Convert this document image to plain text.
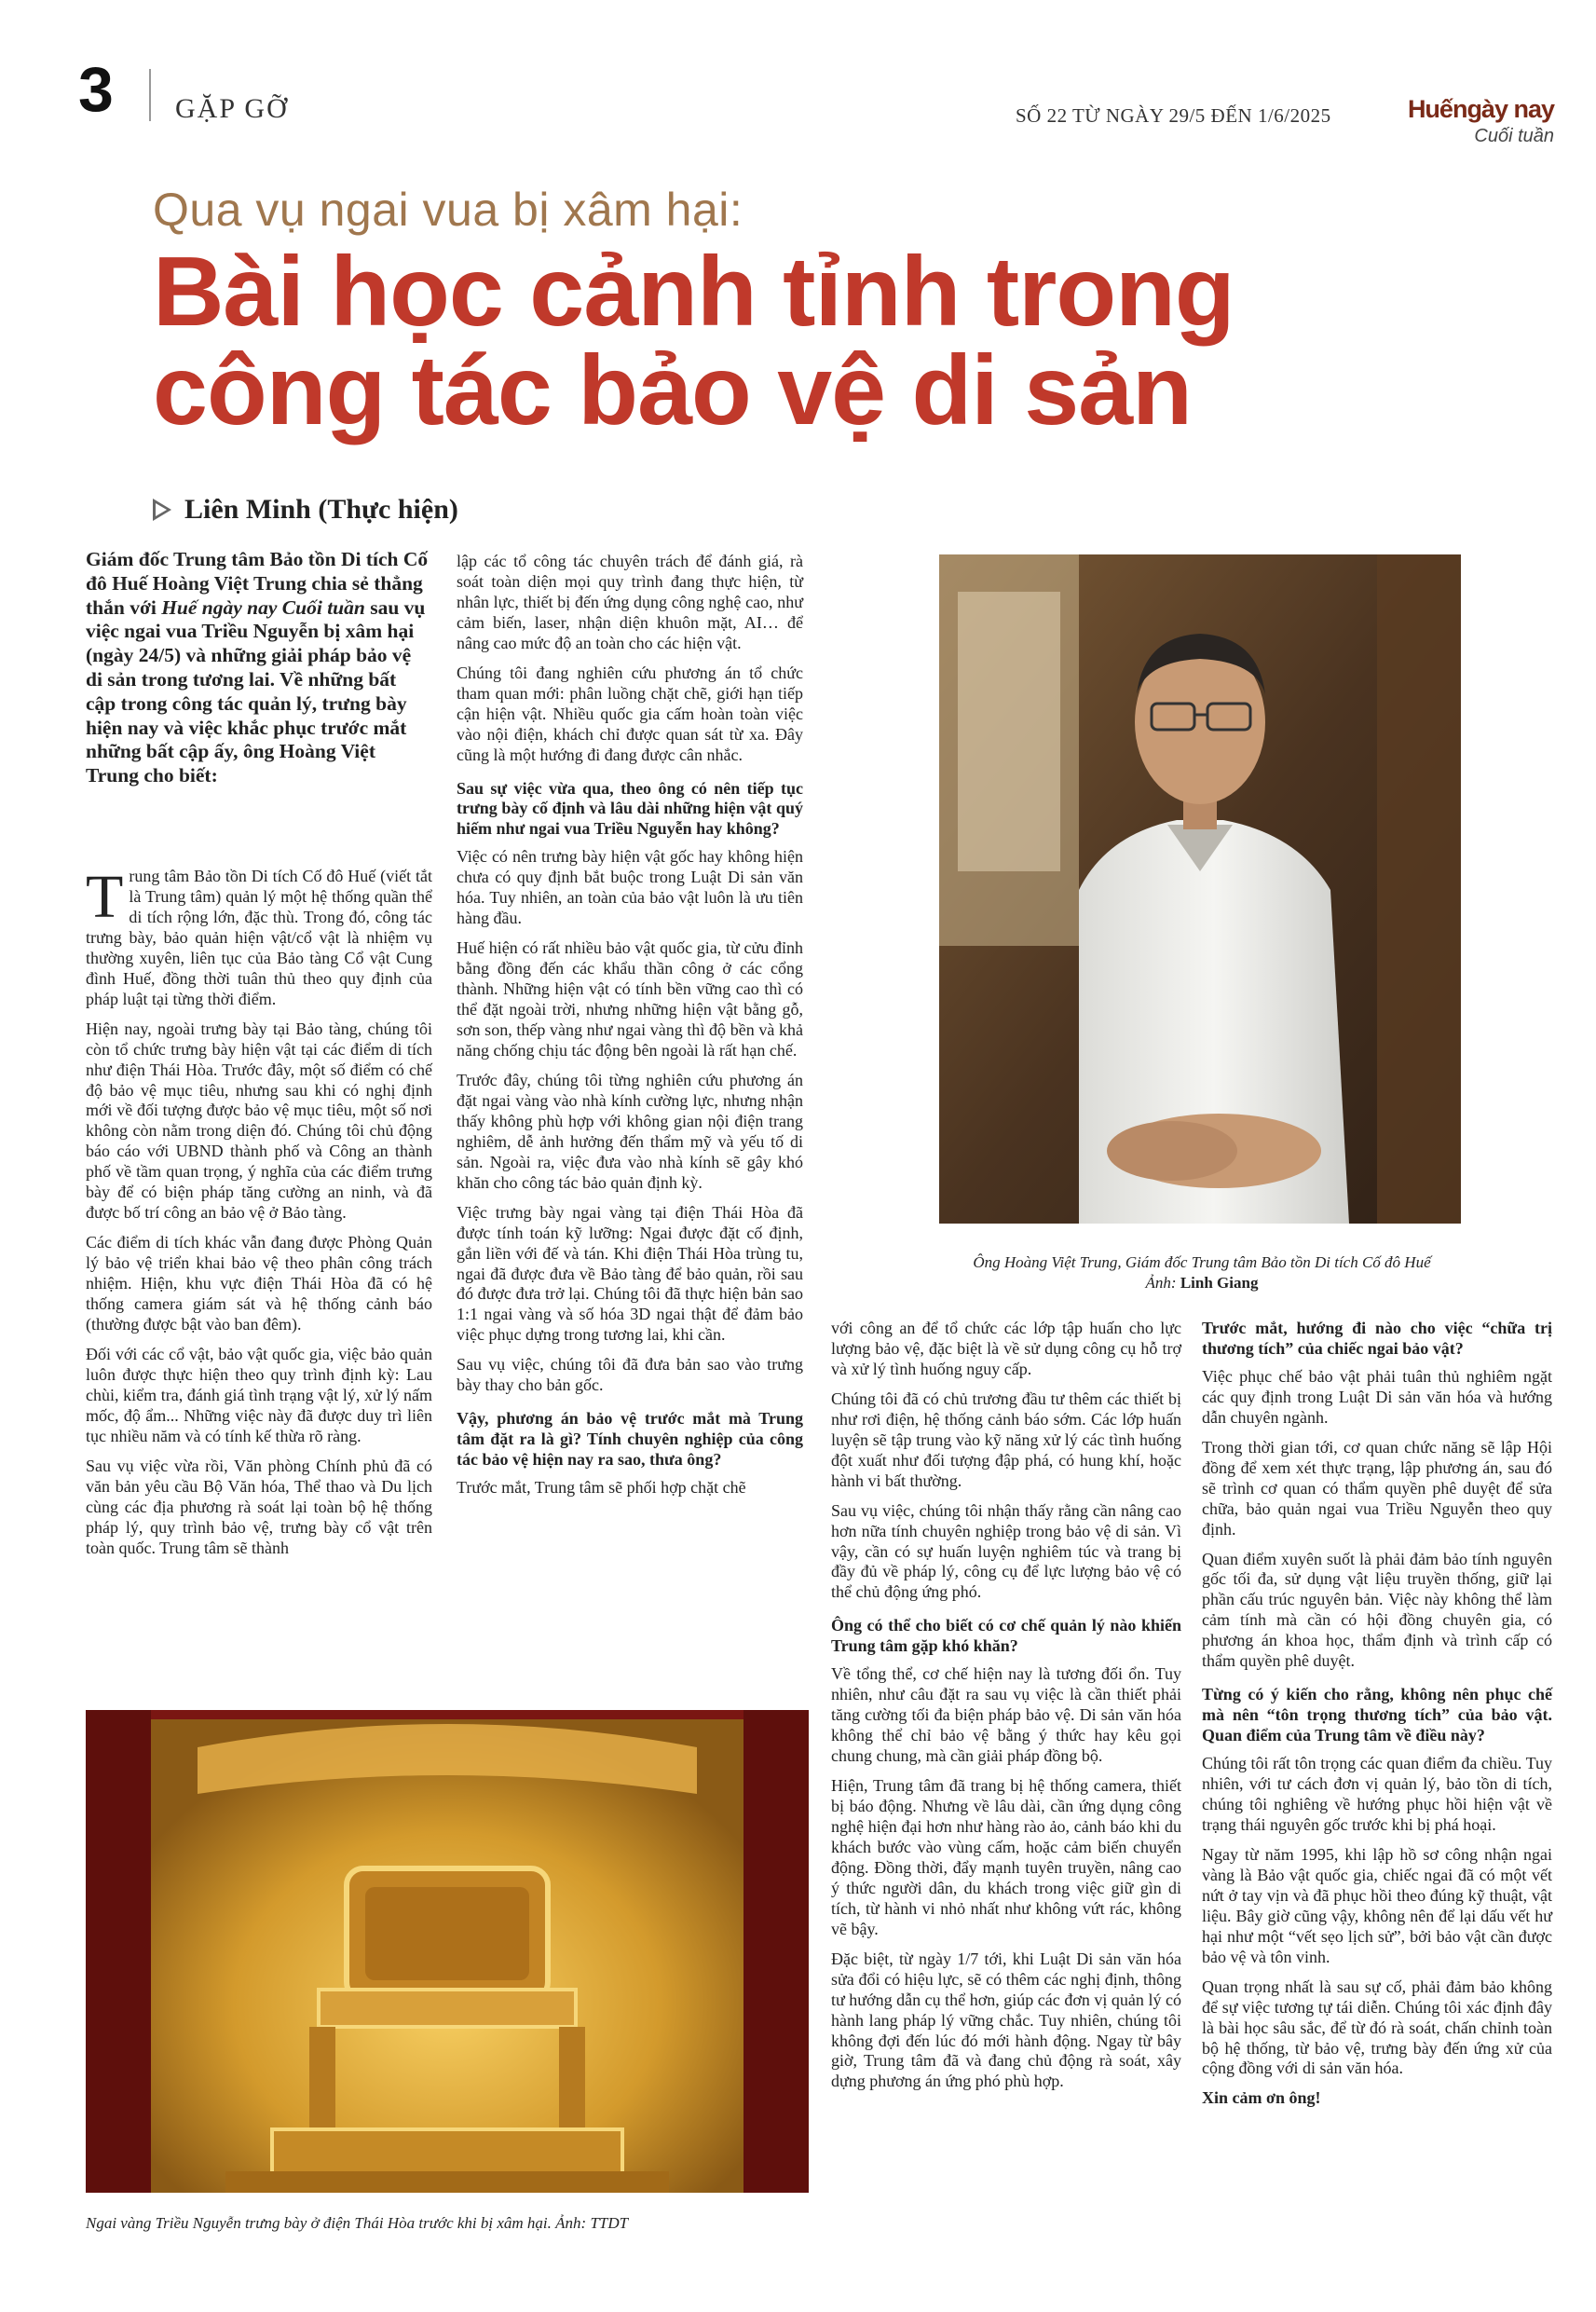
3 GẶP GỠ	SỐ 22 TỪ NGÀY 29/5 ĐẾN 1/6/2025	Huếngày nay
Cuối tuần
Qua vụ ngai vua bị xâm hại:
Bài học cảnh tỉnh trong
công tác bảo vệ di sản
Liên Minh (Thực hiện)
Giám đốc Trung tâm Bảo tồn Di tích Cố đô Huế Hoàng Việt Trung chia sẻ thẳng thắn với Huế ngày nay Cuối tuần sau vụ việc ngai vua Triều Nguyễn bị xâm hại (ngày 24/5) và những giải pháp bảo vệ di sản trong tương lai. Về những bất cập trong công tác quản lý, trưng bày hiện nay và việc khắc phục trước mắt những bất cập ấy, ông Hoàng Việt Trung cho biết:

Trung tâm Bảo tồn Di tích Cố đô Huế (viết tắt là Trung tâm) quản lý một hệ thống quần thể di tích rộng lớn, đặc thù. Trong đó, công tác trưng bày, bảo quản hiện vật/cổ vật là nhiệm vụ thường xuyên, liên tục của Bảo tàng Cổ vật Cung đình Huế, đồng thời tuân thủ theo quy định của pháp luật tại từng thời điểm.

Hiện nay, ngoài trưng bày tại Bảo tàng, chúng tôi còn tổ chức trưng bày hiện vật tại các điểm di tích như điện Thái Hòa. Trước đây, một số điểm có chế độ bảo vệ mục tiêu, nhưng sau khi có nghị định mới về đối tượng được bảo vệ mục tiêu, một số nơi không còn nằm trong diện đó. Chúng tôi chủ động báo cáo với UBND thành phố và Công an thành phố về tầm quan trọng, ý nghĩa của các điểm trưng bày để có biện pháp tăng cường an ninh, và đã được bố trí công an bảo vệ ở Bảo tàng.

Các điểm di tích khác vẫn đang được Phòng Quản lý bảo vệ triển khai bảo vệ theo phân công trách nhiệm. Hiện, khu vực điện Thái Hòa đã có hệ thống camera giám sát và hệ thống cảnh báo (thường được bật vào ban đêm).

Đối với các cổ vật, bảo vật quốc gia, việc bảo quản luôn được thực hiện theo quy trình định kỳ: Lau chùi, kiểm tra, đánh giá tình trạng vật lý, xử lý nấm mốc, độ ẩm... Những việc này đã được duy trì liên tục nhiều năm và có tính kế thừa rõ ràng.

Sau vụ việc vừa rồi, Văn phòng Chính phủ đã có văn bản yêu cầu Bộ Văn hóa, Thể thao và Du lịch cùng các địa phương rà soát lại toàn bộ hệ thống pháp lý, quy trình bảo vệ, trưng bày cổ vật trên toàn quốc. Trung tâm sẽ thành

lập các tổ công tác chuyên trách để đánh giá, rà soát toàn diện mọi quy trình đang thực hiện, từ nhân lực, thiết bị đến ứng dụng công nghệ cao, như cảm biến, laser, nhận diện khuôn mặt, AI… để nâng cao mức độ an toàn cho các hiện vật.

Chúng tôi đang nghiên cứu phương án tổ chức tham quan mới: phân luồng chặt chẽ, giới hạn tiếp cận hiện vật. Nhiều quốc gia cấm hoàn toàn việc vào nội điện, khách chỉ được quan sát từ xa. Đây cũng là một hướng đi đang được cân nhắc.

Sau sự việc vừa qua, theo ông có nên tiếp tục trưng bày cố định và lâu dài những hiện vật quý hiếm như ngai vua Triều Nguyễn hay không?

Việc có nên trưng bày hiện vật gốc hay không hiện chưa có quy định bắt buộc trong Luật Di sản văn hóa. Tuy nhiên, an toàn của bảo vật luôn là ưu tiên hàng đầu.

Huế hiện có rất nhiều bảo vật quốc gia, từ cửu đỉnh bằng đồng đến các khẩu thần công ở các cổng thành. Những hiện vật có tính bền vững cao thì có thể đặt ngoài trời, nhưng những hiện vật bằng gỗ, sơn son, thếp vàng như ngai vàng thì độ bền và khả năng chống chịu tác động bên ngoài là rất hạn chế.

Trước đây, chúng tôi từng nghiên cứu phương án đặt ngai vàng vào nhà kính cường lực, nhưng nhận thấy không phù hợp với không gian nội điện trang nghiêm, dễ ảnh hưởng đến thẩm mỹ và yếu tố di sản. Ngoài ra, việc đưa vào nhà kính sẽ gây khó khăn cho công tác bảo quản định kỳ.

Việc trưng bày ngai vàng tại điện Thái Hòa đã được tính toán kỹ lưỡng: Ngai được đặt cố định, gắn liền với đế và tán. Khi điện Thái Hòa trùng tu, ngai đã được đưa về Bảo tàng để bảo quản, rồi sau đó được đưa trở lại. Chúng tôi đã thực hiện bản sao 1:1 ngai vàng và số hóa 3D ngai thật để đảm bảo việc phục dựng trong tương lai, khi cần.

Sau vụ việc, chúng tôi đã đưa bản sao vào trưng bày thay cho bản gốc.

Vậy, phương án bảo vệ trước mắt mà Trung tâm đặt ra là gì? Tính chuyên nghiệp của công tác bảo vệ hiện nay ra sao, thưa ông?

Trước mắt, Trung tâm sẽ phối hợp chặt chẽ

Ông Hoàng Việt Trung, Giám đốc Trung tâm Bảo tồn Di tích Cố đô Huế
Ảnh: Linh Giang

với công an để tổ chức các lớp tập huấn cho lực lượng bảo vệ, đặc biệt là về sử dụng công cụ hỗ trợ và xử lý tình huống nguy cấp.

Chúng tôi đã có chủ trương đầu tư thêm các thiết bị như rơi điện, hệ thống cảnh báo sớm. Các lớp huấn luyện sẽ tập trung vào kỹ năng xử lý các tình huống đột xuất như đối tượng đập phá, có hung khí, hoặc hành vi bất thường.

Sau vụ việc, chúng tôi nhận thấy rằng cần nâng cao hơn nữa tính chuyên nghiệp trong bảo vệ di sản. Vì vậy, cần có sự huấn luyện nghiêm túc và trang bị đầy đủ về pháp lý, công cụ để lực lượng bảo vệ có thể chủ động ứng phó.

Ông có thể cho biết có cơ chế quản lý nào khiến Trung tâm gặp khó khăn?

Về tổng thể, cơ chế hiện nay là tương đối ổn. Tuy nhiên, như câu đặt ra sau vụ việc là cần thiết phải tăng cường tối đa biện pháp bảo vệ. Di sản văn hóa không thể chỉ bảo vệ bằng ý thức hay kêu gọi chung chung, mà cần giải pháp đồng bộ.

Hiện, Trung tâm đã trang bị hệ thống camera, thiết bị báo động. Nhưng về lâu dài, cần ứng dụng công nghệ hiện đại hơn như hàng rào ảo, cảnh báo khi du khách bước vào vùng cấm, hoặc cảm biến chuyển động. Đồng thời, đẩy mạnh tuyên truyền, nâng cao ý thức người dân, du khách trong việc giữ gìn di tích, từ hành vi nhỏ nhất như không vứt rác, không vẽ bậy.

Đặc biệt, từ ngày 1/7 tới, khi Luật Di sản văn hóa sửa đổi có hiệu lực, sẽ có thêm các nghị định, thông tư hướng dẫn cụ thể hơn, giúp các đơn vị quản lý có hành lang pháp lý vững chắc. Tuy nhiên, chúng tôi không đợi đến lúc đó mới hành động. Ngay từ bây giờ, Trung tâm đã và đang chủ động rà soát, xây dựng phương án ứng phó phù hợp.

Trước mắt, hướng đi nào cho việc “chữa trị thương tích” của chiếc ngai bảo vật?

Việc phục chế bảo vật phải tuân thủ nghiêm ngặt các quy định trong Luật Di sản văn hóa và hướng dẫn chuyên ngành.

Trong thời gian tới, cơ quan chức năng sẽ lập Hội đồng để xem xét thực trạng, lập phương án, sau đó sẽ trình cơ quan có thẩm quyền phê duyệt để sửa chữa, bảo quản ngai vua Triều Nguyễn theo quy định.

Quan điểm xuyên suốt là phải đảm bảo tính nguyên gốc tối đa, sử dụng vật liệu truyền thống, giữ lại phần cấu trúc nguyên bản. Việc này không thể làm cảm tính mà cần có hội đồng chuyên gia, có phương án khoa học, thẩm định và trình cấp có thẩm quyền phê duyệt.

Từng có ý kiến cho rằng, không nên phục chế mà nên “tôn trọng thương tích” của bảo vật. Quan điểm của Trung tâm về điều này?

Chúng tôi rất tôn trọng các quan điểm đa chiều. Tuy nhiên, với tư cách đơn vị quản lý, bảo tồn di tích, chúng tôi nghiêng về hướng phục hồi hiện vật về trạng thái nguyên gốc trước khi bị phá hoại.

Ngay từ năm 1995, khi lập hồ sơ công nhận ngai vàng là Bảo vật quốc gia, chiếc ngai đã có một vết nứt ở tay vịn và đã phục hồi theo đúng kỹ thuật, vật liệu. Bây giờ cũng vậy, không nên để lại dấu vết hư hại như một “vết sẹo lịch sử”, bởi bảo vật cần được bảo vệ và tôn vinh.

Quan trọng nhất là sau sự cố, phải đảm bảo không để sự việc tương tự tái diễn. Chúng tôi xác định đây là bài học sâu sắc, để từ đó rà soát, chấn chỉnh toàn bộ hệ thống, từ bảo vệ, trưng bày đến ứng xử của cộng đồng với di sản văn hóa.

Xin cảm ơn ông!

Ngai vàng Triều Nguyễn trưng bày ở điện Thái Hòa trước khi bị xâm hại. Ảnh: TTDT
